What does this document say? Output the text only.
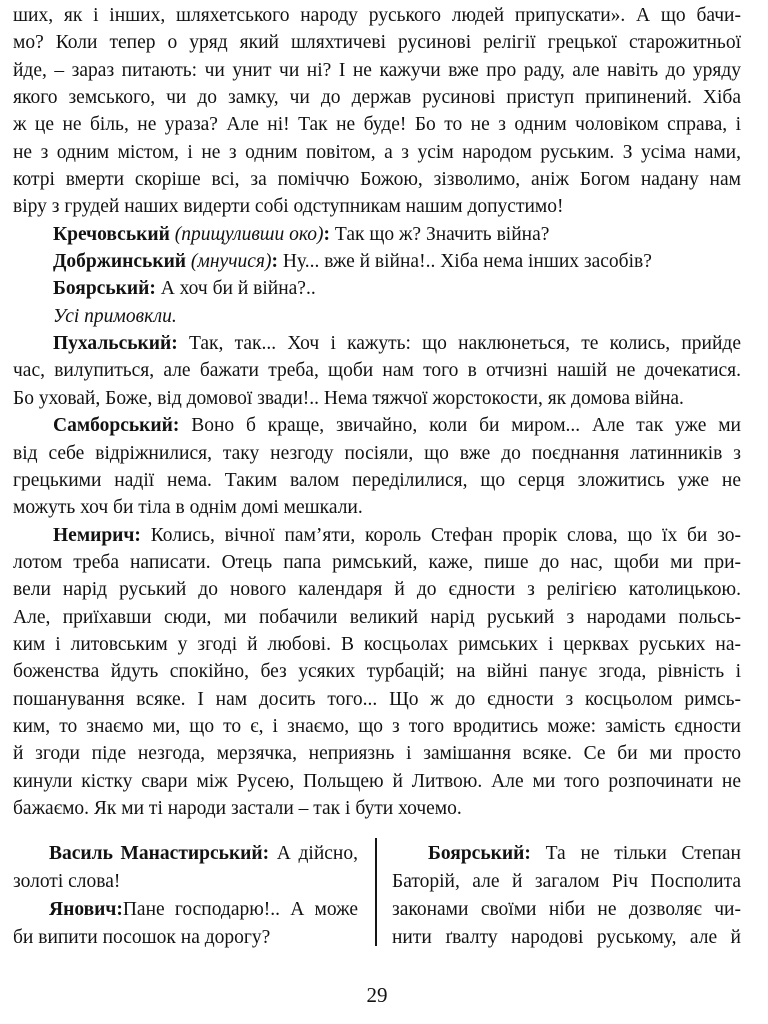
ших, як і інших, шляхетського народу руського людей припускати». А що бачи-
мо? Коли тепер о уряд який шляхтичеві русинові релігії грецької старожитньої
йде, – зараз питають: чи унит чи ні? І не кажучи вже про раду, але навіть до уряду
якого земського, чи до замку, чи до держав русинові приступ припинений. Хіба
ж це не біль, не ураза? Але ні! Так не буде! Бо то не з одним чоловіком справа, і
не з одним містом, і не з одним повітом, а з усім народом руським. З усіма нами,
котрі вмерти скоріше всі, за поміччю Божою, зізволимо, аніж Богом надану нам
віру з грудей наших видерти собі одступникам нашим допустимо!
Кречовський (прищуливши око): Так що ж? Значить війна?
Добржинський (мнучися): Ну... вже й війна!.. Хіба нема інших засобів?
Боярський: А хоч би й війна?..
Усі примовкли.
Пухальський: Так, так... Хоч і кажуть: що наклюнеться, те колись, прийде
час, вилупиться, але бажати треба, щоби нам того в отчизні нашій не дочекатися.
Бо уховай, Боже, від домової звади!.. Нема тяжчої жорстокости, як домова війна.
Самборський: Воно б краще, звичайно, коли би миром... Але так уже ми
від себе відріжнилися, таку незгоду посіяли, що вже до поєднання латинників з
грецькими надії нема. Таким валом переділилися, що серця зложитись уже не
можуть хоч би тіла в однім домі мешкали.
Немирич: Колись, вічної пам’яти, король Стефан прорік слова, що їх би зо-
лотом треба написати. Отець папа римський, каже, пише до нас, щоби ми при-
вели нарід руський до нового календаря й до єдности з релігією католицькою.
Але, приїхавши сюди, ми побачили великий нарід руський з народами польсь-
ким і литовським у згоді й любові. В косцьолах римських і церквах руських на-
боженства йдуть спокійно, без усяких турбацій; на війні панує згода, рівність і
пошанування всяке. І нам досить того... Що ж до єдности з косцьолом римсь-
ким, то знаємо ми, що то є, і знаємо, що з того вродитись може: замість єдности
й згоди піде незгода, мерзячка, неприязнь і замішання всяке. Се би ми просто
кинули кістку свари між Русею, Польщею й Литвою. Але ми того розпочинати не
бажаємо. Як ми ті народи застали – так і бути хочемо.
Василь Манастирський: А дійсно,
золоті слова!
Янович:Пане господарю!.. А може
би випити посошок на дорогу?
Боярський: Та не тільки Степан
Баторій, але й загалом Річ Посполита
законами своїми ніби не дозволяє чи-
нити ґвалту народові руському, але й
29
